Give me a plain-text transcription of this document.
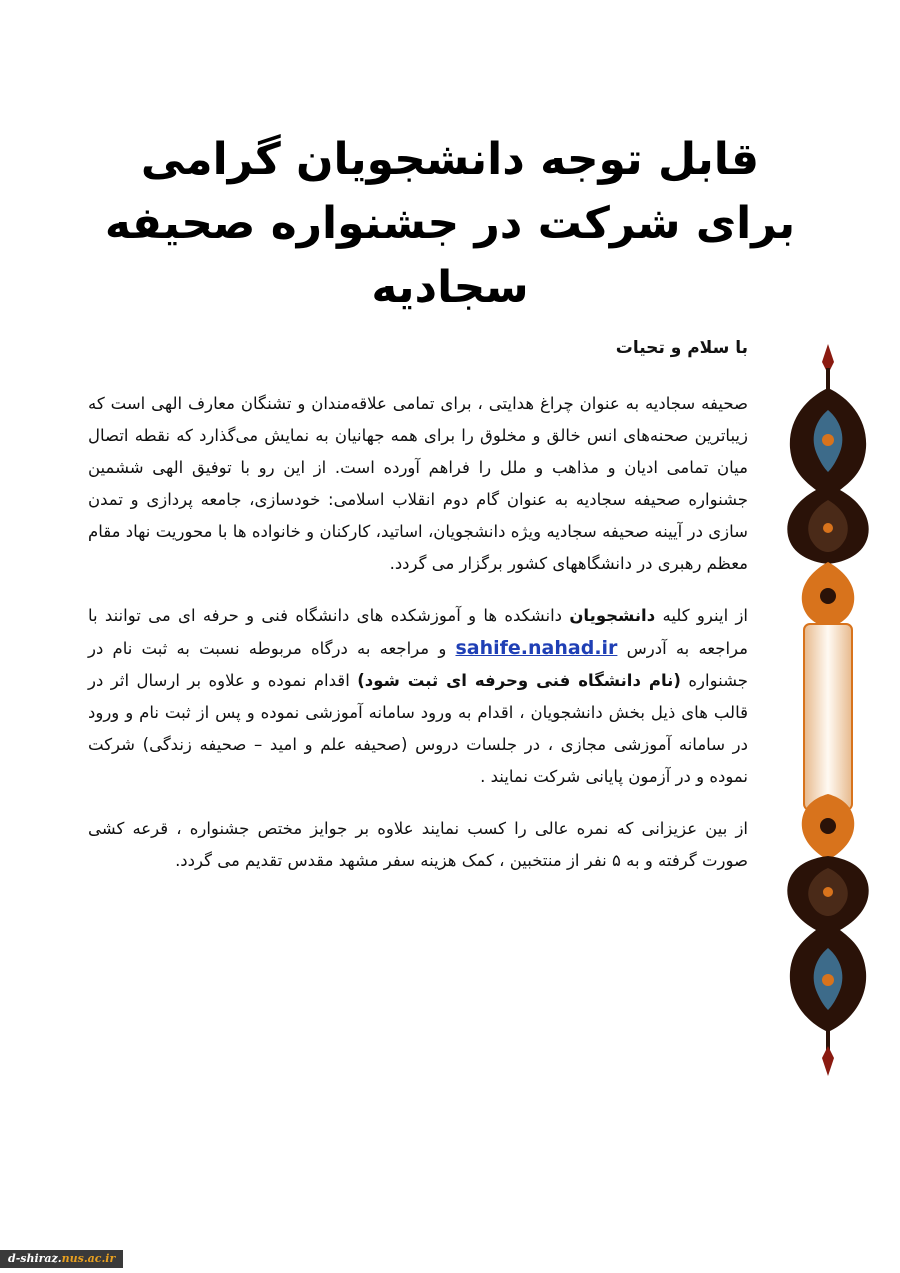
قابل توجه دانشجویان گرامی
برای شرکت در جشنواره صحیفه سجادیه

با سلام و تحیات

صحیفه سجادیه به عنوان چراغ هدایتی ، برای تمامی علاقه‌مندان و تشنگان معارف الهی است که زیباترین صحنه‌های انس خالق و مخلوق را برای همه جهانیان به نمایش می‌گذارد که نقطه اتصال میان تمامی ادیان و مذاهب و ملل را فراهم آورده است. از این رو با توفیق الهی ششمین جشنواره صحیفه سجادیه به عنوان گام دوم انقلاب اسلامی: خودسازی، جامعه پردازی و تمدن سازی در آیینه صحیفه سجادیه ویژه دانشجویان، اساتید، کارکنان و خانواده ها با محوریت نهاد مقام معظم رهبری در دانشگاههای کشور برگزار می گردد.

از اینرو کلیه دانشجویان دانشکده ها و آموزشکده های دانشگاه فنی و حرفه ای می توانند با مراجعه به آدرس sahife.nahad.ir و مراجعه به درگاه مربوطه نسبت به ثبت نام در جشنواره (نام دانشگاه فنی وحرفه ای ثبت شود) اقدام نموده و علاوه بر ارسال اثر در قالب های ذیل بخش دانشجویان ، اقدام به ورود سامانه آموزشی نموده و پس از ثبت نام و ورود در سامانه آموزشی مجازی ، در جلسات دروس (صحیفه علم و امید – صحیفه زندگی) شرکت نموده و در آزمون پایانی شرکت نمایند .

از بین عزیزانی که نمره عالی را کسب نمایند علاوه بر جوایز مختص جشنواره ، قرعه کشی صورت گرفته و به ۵ نفر از منتخبین ، کمک هزینه سفر مشهد مقدس تقدیم می گردد.

d-shiraz.nus.ac.ir
